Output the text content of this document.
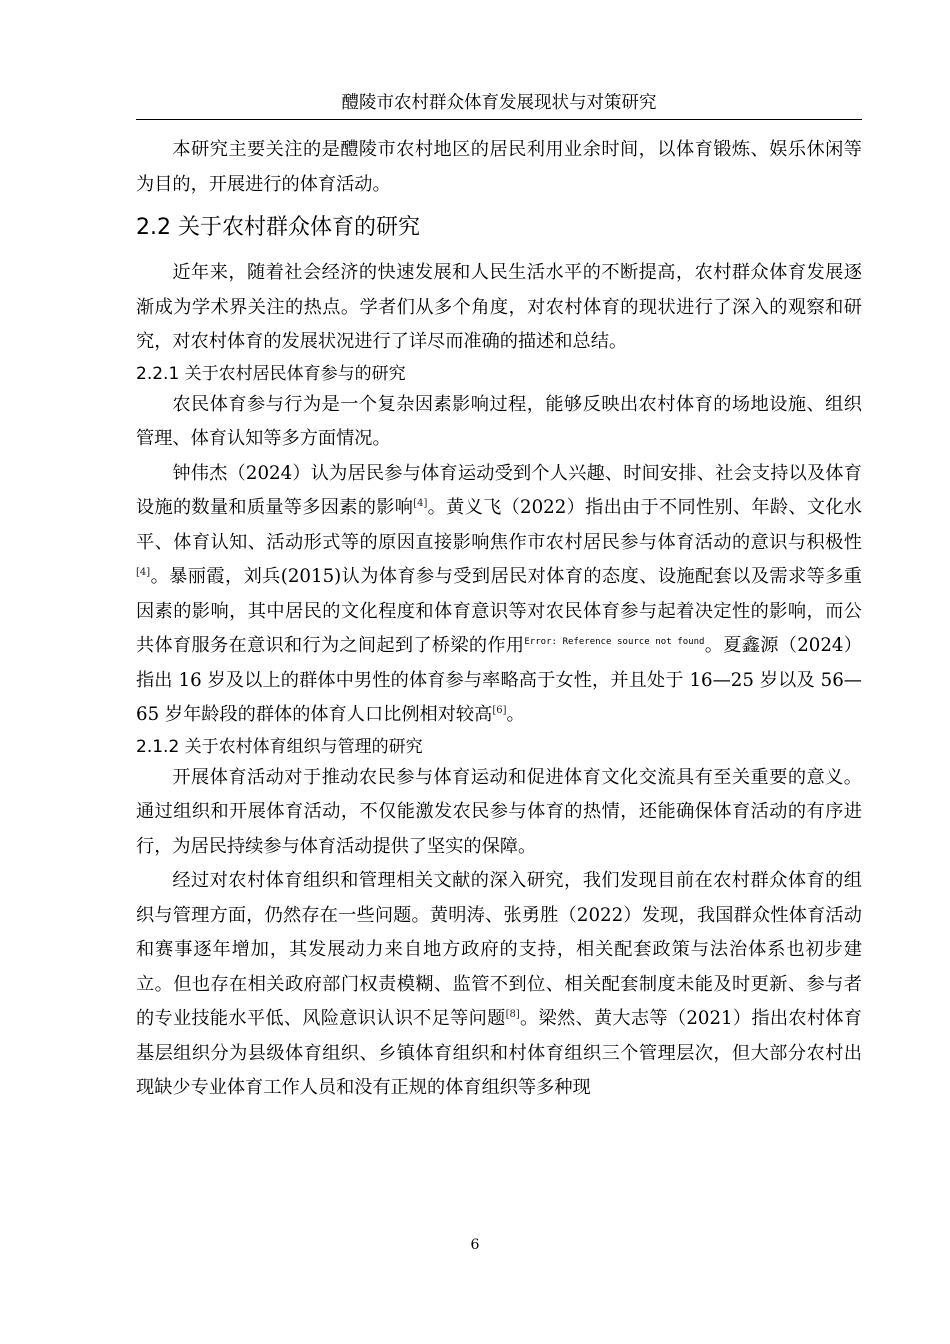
醴陵市农村群众体育发展现状与对策研究

本研究主要关注的是醴陵市农村地区的居民利用业余时间，以体育锻炼、娱乐休闲等为目的，开展进行的体育活动。

2.2 关于农村群众体育的研究

近年来，随着社会经济的快速发展和人民生活水平的不断提高，农村群众体育发展逐渐成为学术界关注的热点。学者们从多个角度，对农村体育的现状进行了深入的观察和研究，对农村体育的发展状况进行了详尽而准确的描述和总结。

2.2.1 关于农村居民体育参与的研究

农民体育参与行为是一个复杂因素影响过程，能够反映出农村体育的场地设施、组织管理、体育认知等多方面情况。

钟伟杰（2024）认为居民参与体育运动受到个人兴趣、时间安排、社会支持以及体育设施的数量和质量等多因素的影响[4]。黄义飞（2022）指出由于不同性别、年龄、文化水平、体育认知、活动形式等的原因直接影响焦作市农村居民参与体育活动的意识与积极性[4]。暴丽霞，刘兵(2015)认为体育参与受到居民对体育的态度、设施配套以及需求等多重因素的影响，其中居民的文化程度和体育意识等对农民体育参与起着决定性的影响，而公共体育服务在意识和行为之间起到了桥梁的作用$^{Error: Reference source not found}$。夏鑫源（2024）指出 16 岁及以上的群体中男性的体育参与率略高于女性，并且处于 16—25 岁以及 56—65 岁年龄段的群体的体育人口比例相对较高[6]。

2.1.2 关于农村体育组织与管理的研究

开展体育活动对于推动农民参与体育运动和促进体育文化交流具有至关重要的意义。通过组织和开展体育活动，不仅能激发农民参与体育的热情，还能确保体育活动的有序进行，为居民持续参与体育活动提供了坚实的保障。

经过对农村体育组织和管理相关文献的深入研究，我们发现目前在农村群众体育的组织与管理方面，仍然存在一些问题。黄明涛、张勇胜（2022）发现，我国群众性体育活动和赛事逐年增加，其发展动力来自地方政府的支持，相关配套政策与法治体系也初步建立。但也存在相关政府部门权责模糊、监管不到位、相关配套制度未能及时更新、参与者的专业技能水平低、风险意识认识不足等问题[8]。梁然、黄大志等（2021）指出农村体育基层组织分为县级体育组织、乡镇体育组织和村体育组织三个管理层次，但大部分农村出现缺少专业体育工作人员和没有正规的体育组织等多种现

6
